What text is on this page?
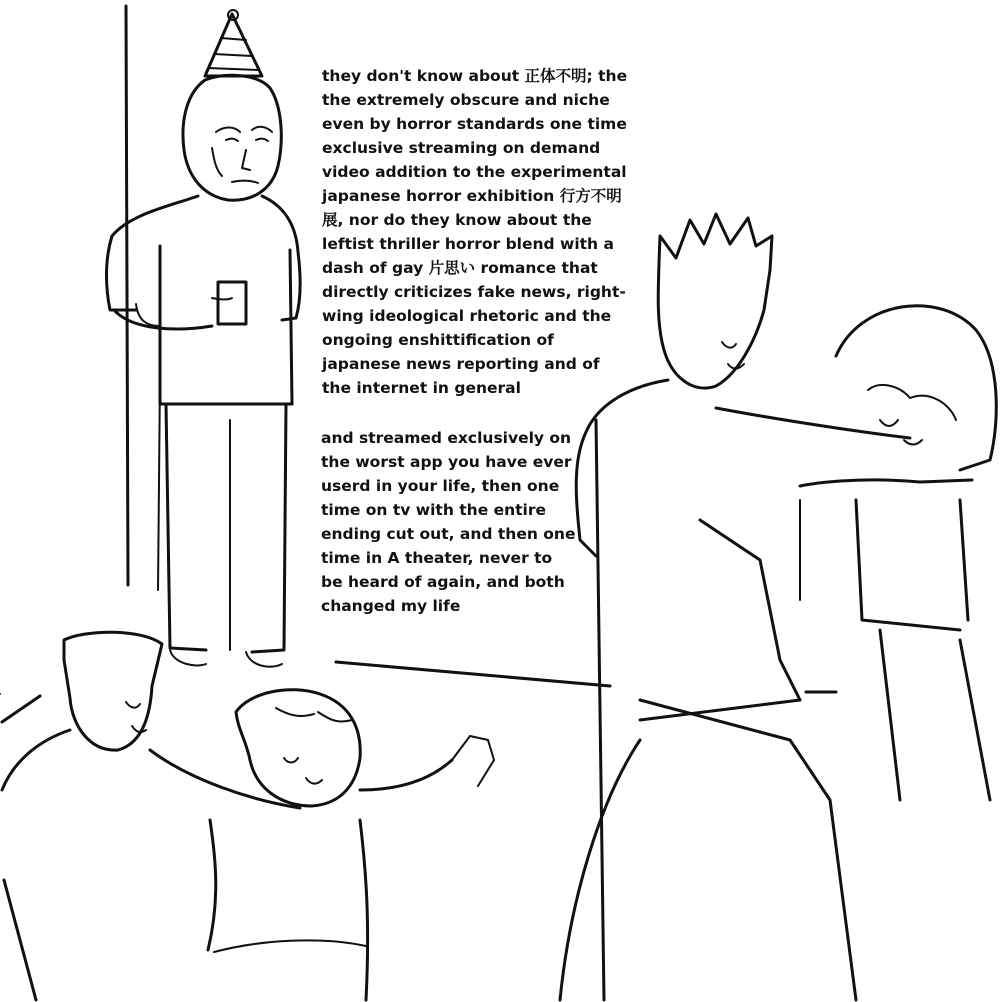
they don't know about 正体不明; the
the extremely obscure and niche
even by horror standards one time
exclusive streaming on demand
video addition to the experimental
japanese horror exhibition 行方不明
展, nor do they know about the
leftist thriller horror blend with a
dash of gay 片思い romance that
directly criticizes fake news, right-
wing ideological rhetoric and the
ongoing enshittification of
japanese news reporting and of
the internet in general

and streamed exclusively on
the worst app you have ever
userd in your life, then one
time on tv with the entire
ending cut out, and then one
time in A theater, never to
be heard of again, and both
changed my life
